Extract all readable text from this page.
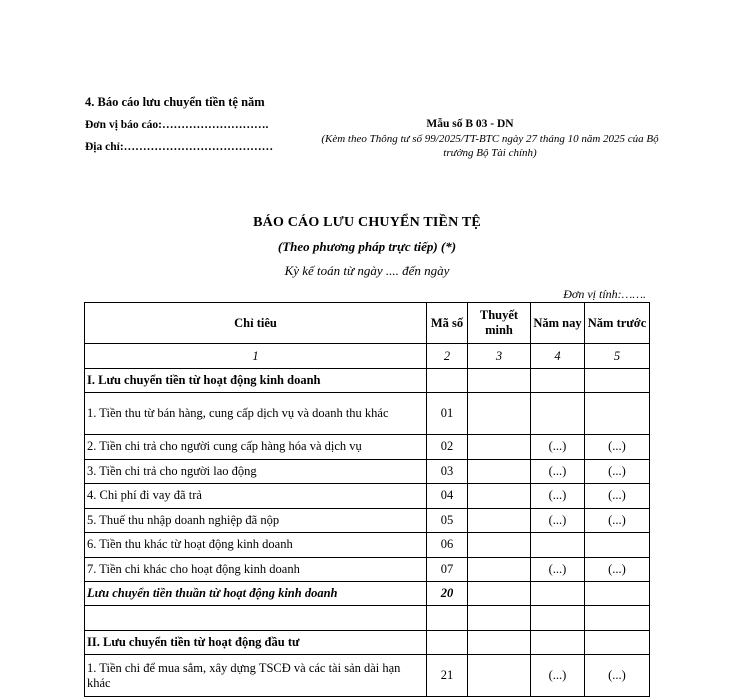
4. Báo cáo lưu chuyển tiền tệ năm
Đơn vị báo cáo:……………………….
Địa chỉ:…………………………………
Mẫu số B 03 - DN
(Kèm theo Thông tư số 99/2025/TT-BTC ngày 27 tháng 10 năm 2025 của Bộ trưởng Bộ Tài chính)
BÁO CÁO LƯU CHUYỂN TIỀN TỆ
(Theo phương pháp trực tiếp) (*)
Kỳ kế toán từ ngày .... đến ngày
Đơn vị tính:…….
Chỉ tiêu	Mã số	Thuyết minh	Năm nay	Năm trước
1	2	3	4	5
I. Lưu chuyển tiền từ hoạt động kinh doanh				
1. Tiền thu từ bán hàng, cung cấp dịch vụ và doanh thu khác	01			
2. Tiền chi trả cho người cung cấp hàng hóa và dịch vụ	02		(...)	(...)
3. Tiền chi trả cho người lao động	03		(...)	(...)
4. Chi phí đi vay đã trả	04		(...)	(...)
5. Thuế thu nhập doanh nghiệp đã nộp	05		(...)	(...)
6. Tiền thu khác từ hoạt động kinh doanh	06			
7. Tiền chi khác cho hoạt động kinh doanh	07		(...)	(...)
Lưu chuyển tiền thuần từ hoạt động kinh doanh	20			

II. Lưu chuyển tiền từ hoạt động đầu tư				
1. Tiền chi để mua sắm, xây dựng TSCĐ và các tài sản dài hạn khác	21		(...)	(...)
